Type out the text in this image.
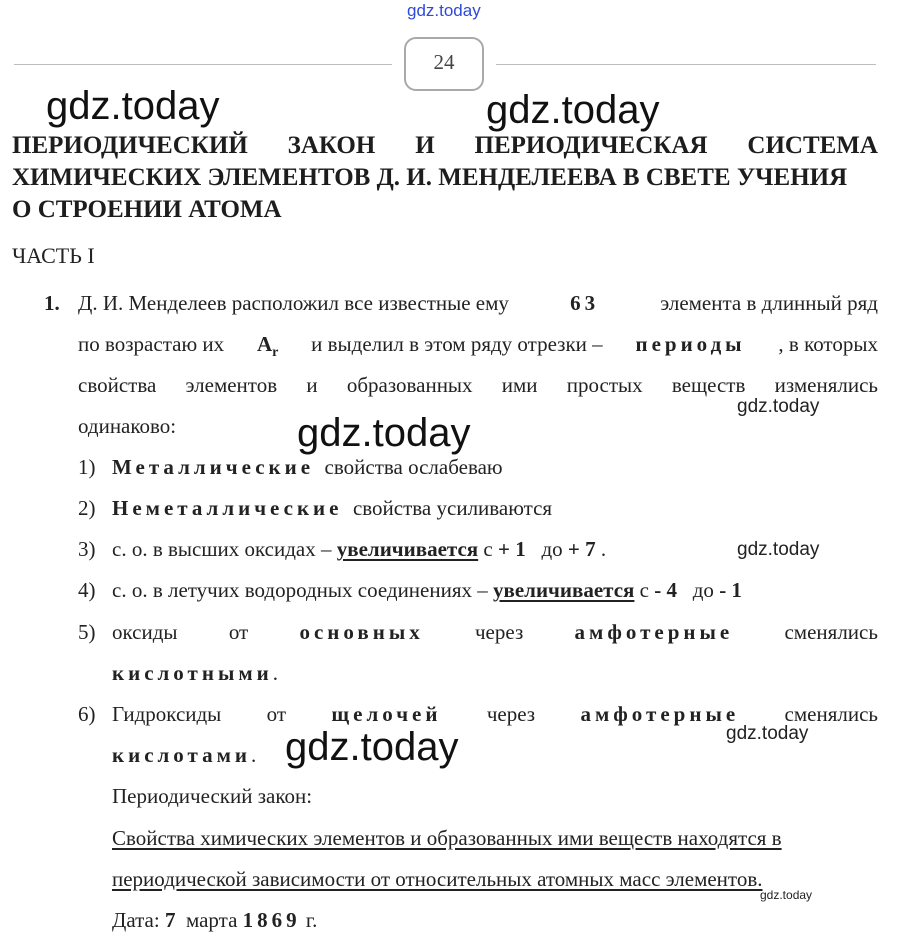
gdz.today
24
gdz.today	gdz.today
gdz.today
gdz.today
gdz.today
gdz.today
gdz.today
gdz.today
ПЕРИОДИЧЕСКИЙ ЗАКОН И ПЕРИОДИЧЕСКАЯ СИСТЕМА
ХИМИЧЕСКИХ ЭЛЕМЕНТОВ Д. И. МЕНДЕЛЕЕВА В СВЕТЕ УЧЕНИЯ
О СТРОЕНИИ АТОМА
ЧАСТЬ I
1. Д. И. Менделеев расположил все известные ему	63	элемента в длинный ряд
по возрастаю их $A_r$ и выделил в этом ряду отрезки – периоды , в которых
свойства элементов и образованных ими простых веществ изменялись
одинаково:
1) Металлические свойства ослабеваю
2) Неметаллические свойства усиливаются
3) с. о. в высших оксидах – увеличивается с + 1 до + 7 .
4) с. о. в летучих водородных соединениях – увеличивается с - 4 до - 1
5) оксиды от основных через амфотерные сменялись
кислотными.
6) Гидроксиды от щелочей через амфотерные сменялись
кислотами.
Периодический закон:
Свойства химических элементов и образованных ими веществ находятся в
периодической зависимости от относительных атомных масс элементов.
Дата: 7 марта 1869 г.
